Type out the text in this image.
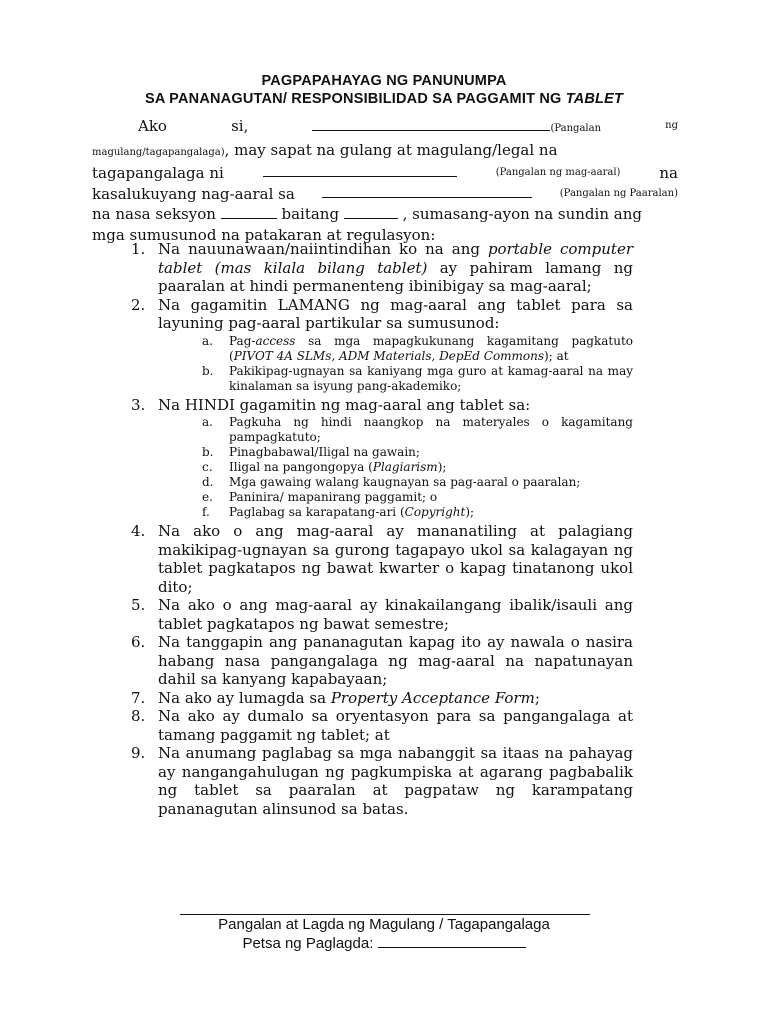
PAGPAPAHAYAG NG PANUNUMPA
SA PANANAGUTAN/ RESPONSIBILIDAD SA PAGGAMIT NG TABLET
Ako	si,	(Pangalan	ng
magulang/tagapangalaga), may sapat na gulang at magulang/legal na
tagapangalaga ni	(Pangalan ng mag-aaral)	na
kasalukuyang nag-aaral sa	(Pangalan ng Paaralan)
na nasa seksyon	baitang	, sumasang-ayon na sundin ang
mga sumusunod na patakaran at regulasyon:
1. Na nauunawaan/naiintindihan ko na ang portable computer tablet (mas kilala bilang tablet) ay pahiram lamang ng paaralan at hindi permanenteng ibinibigay sa mag-aaral;
2. Na gagamitin LAMANG ng mag-aaral ang tablet para sa layuning pag-aaral partikular sa sumusunod:
a. Pag-access sa mga mapagkukunang kagamitang pagkatuto (PIVOT 4A SLMs, ADM Materials, DepEd Commons); at
b. Pakikipag-ugnayan sa kaniyang mga guro at kamag-aaral na may kinalaman sa isyung pang-akademiko;
3. Na HINDI gagamitin ng mag-aaral ang tablet sa:
a. Pagkuha ng hindi naangkop na materyales o kagamitang pampagkatuto;
b. Pinagbabawal/Iligal na gawain;
c. Iligal na pangongopya (Plagiarism);
d. Mga gawaing walang kaugnayan sa pag-aaral o paaralan;
e. Paninira/ mapanirang paggamit; o
f. Paglabag sa karapatang-ari (Copyright);
4. Na ako o ang mag-aaral ay mananatiling at palagiang makikipag-ugnayan sa gurong tagapayo ukol sa kalagayan ng tablet pagkatapos ng bawat kwarter o kapag tinatanong ukol dito;
5. Na ako o ang mag-aaral ay kinakailangang ibalik/isauli ang tablet pagkatapos ng bawat semestre;
6. Na tanggapin ang pananagutan kapag ito ay nawala o nasira habang nasa pangangalaga ng mag-aaral na napatunayan dahil sa kanyang kapabayaan;
7. Na ako ay lumagda sa Property Acceptance Form;
8. Na ako ay dumalo sa oryentasyon para sa pangangalaga at tamang paggamit ng tablet; at
9. Na anumang paglabag sa mga nabanggit sa itaas na pahayag ay nangangahulugan ng pagkumpiska at agarang pagbabalik ng tablet sa paaralan at pagpataw ng karampatang pananagutan alinsunod sa batas.
Pangalan at Lagda ng Magulang / Tagapangalaga
Petsa ng Paglagda:
